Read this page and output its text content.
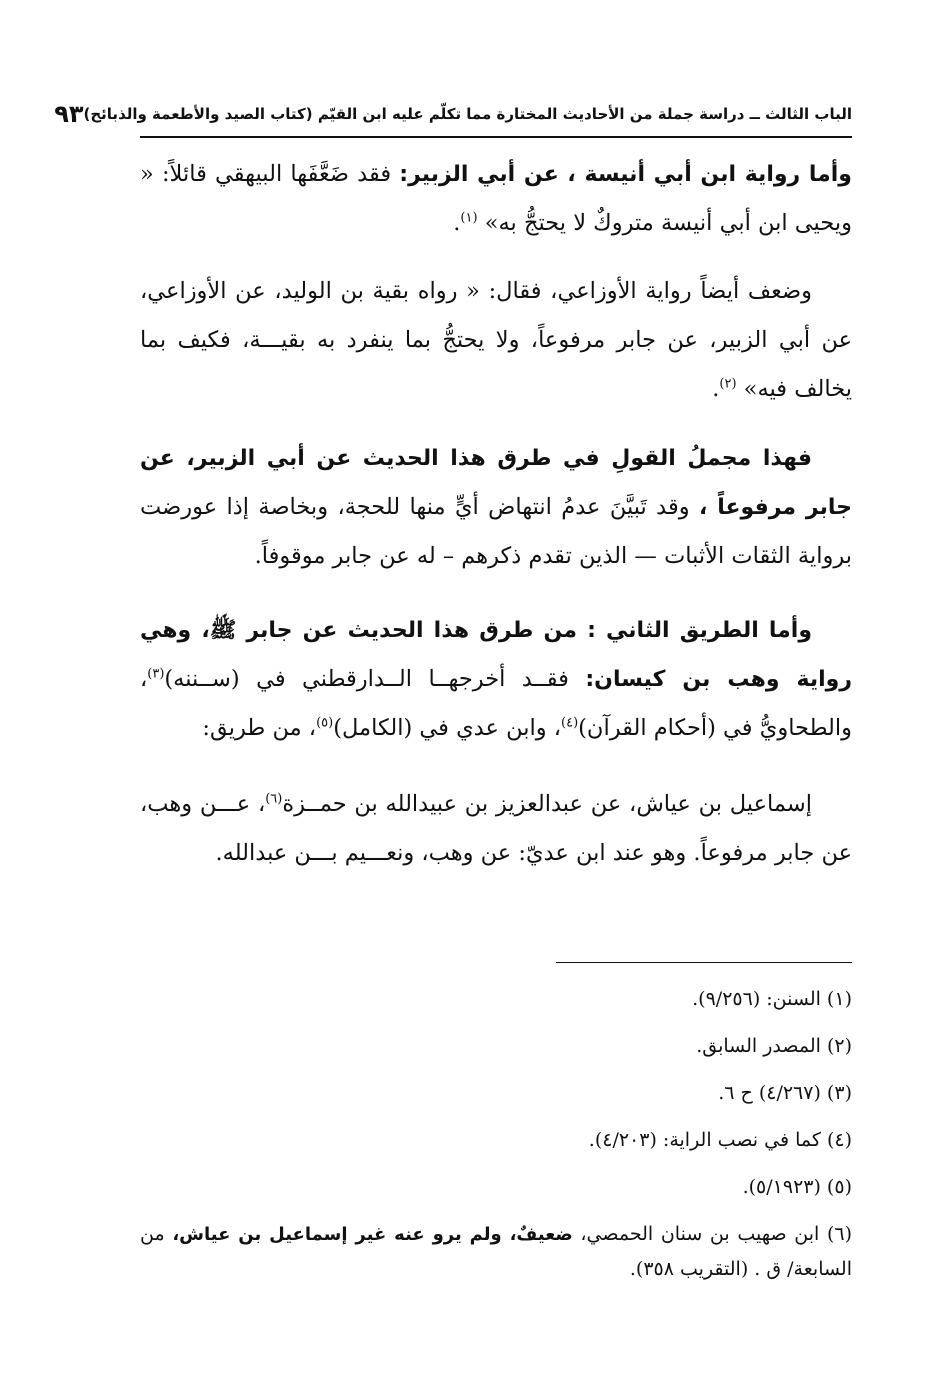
الباب الثالث ــ دراسة جملة من الأحاديث المختارة مما تكلّم عليه ابن القيّم (كتاب الصيد والأطعمة والذبائح)
٩٣
وأما رواية ابن أبي أنيسة ، عن أبي الزبير: فقد ضَعَّفَها البيهقي قائلاً: « ويحيى ابن أبي أنيسة متروكٌ لا يحتجُّ به» $^{(١)}$.
وضعف أيضاً رواية الأوزاعي، فقال: « رواه بقية بن الوليد، عن الأوزاعي، عن أبي الزبير، عن جابر مرفوعاً، ولا يحتجُّ بما ينفرد به بقيـــة، فكيف بما يخالف فيه» $^{(٢)}$.
فهذا مجملُ القولِ في طرق هذا الحديث عن أبي الزبير، عن جابر مرفوعاً ، وقد تَبيَّنَ عدمُ انتهاض أيٍّ منها للحجة، وبخاصة إذا عورضت برواية الثقات الأثبات — الذين تقدم ذكرهم – له عن جابر موقوفاً.
وأما الطريق الثاني : من طرق هذا الحديث عن جابر ﷺ، وهي رواية وهب بن كيسان: فقــد أخرجهــا الــدارقطني في (ســننه)$^{(٣)}$، والطحاويُّ في (أحكام القرآن)$^{(٤)}$، وابن عدي في (الكامل)$^{(٥)}$، من طريق:
إسماعيل بن عياش، عن عبدالعزيز بن عبيدالله بن حمــزة$^{(٦)}$، عـــن وهب، عن جابر مرفوعاً. وهو عند ابن عديّ: عن وهب، ونعـــيم بـــن عبدالله.
(١) السنن: (٩/٢٥٦).
(٢) المصدر السابق.
(٣) (٤/٢٦٧) ح ٦.
(٤) كما في نصب الراية: (٤/٢٠٣).
(٥) (٥/١٩٢٣).
(٦) ابن صهيب بن سنان الحمصي، ضعيفٌ، ولم يرو عنه غير إسماعيل بن عياش، من السابعة/ ق . (التقريب ٣٥٨).
